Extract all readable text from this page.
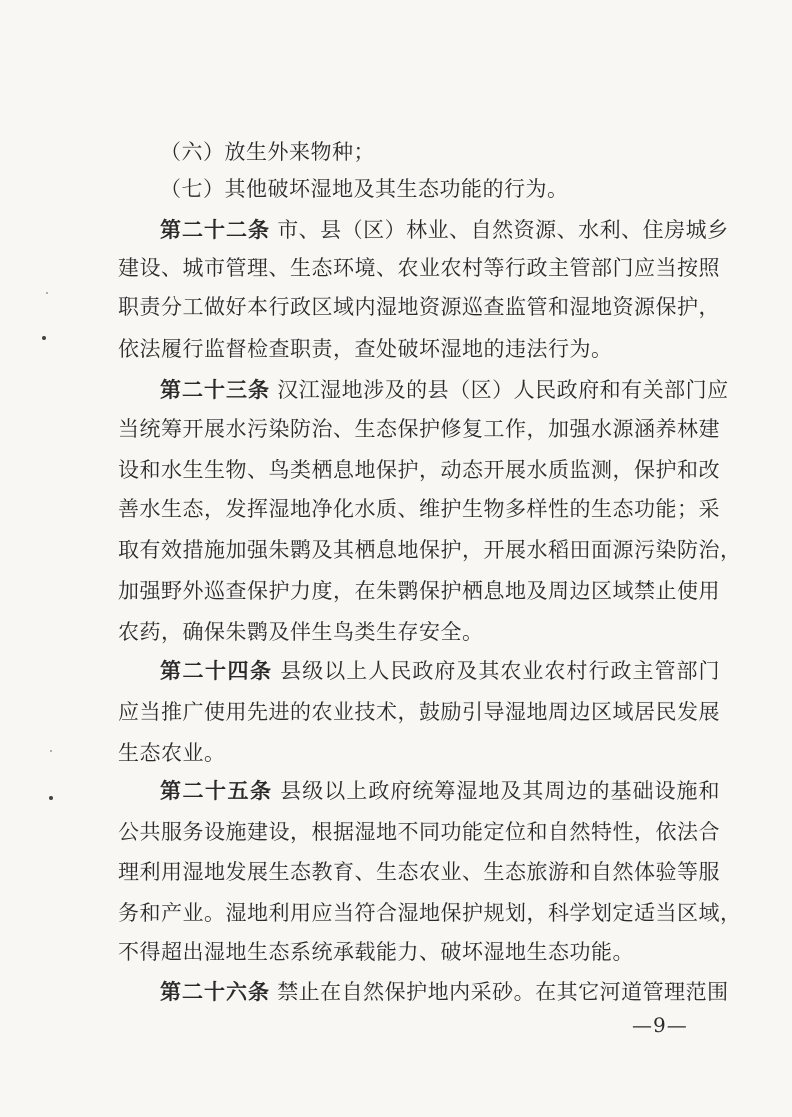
（六）放生外来物种；
（七）其他破坏湿地及其生态功能的行为。
第二十二条 市、县（区）林业、自然资源、水利、住房城乡
建设、城市管理、生态环境、农业农村等行政主管部门应当按照
职责分工做好本行政区域内湿地资源巡查监管和湿地资源保护，
依法履行监督检查职责，查处破坏湿地的违法行为。
第二十三条 汉江湿地涉及的县（区）人民政府和有关部门应
当统筹开展水污染防治、生态保护修复工作，加强水源涵养林建
设和水生生物、鸟类栖息地保护，动态开展水质监测，保护和改
善水生态，发挥湿地净化水质、维护生物多样性的生态功能；采
取有效措施加强朱鹮及其栖息地保护，开展水稻田面源污染防治，
加强野外巡查保护力度，在朱鹮保护栖息地及周边区域禁止使用
农药，确保朱鹮及伴生鸟类生存安全。
第二十四条 县级以上人民政府及其农业农村行政主管部门
应当推广使用先进的农业技术，鼓励引导湿地周边区域居民发展
生态农业。
第二十五条 县级以上政府统筹湿地及其周边的基础设施和
公共服务设施建设，根据湿地不同功能定位和自然特性，依法合
理利用湿地发展生态教育、生态农业、生态旅游和自然体验等服
务和产业。湿地利用应当符合湿地保护规划，科学划定适当区域，
不得超出湿地生态系统承载能力、破坏湿地生态功能。
第二十六条 禁止在自然保护地内采砂。在其它河道管理范围
—9—
